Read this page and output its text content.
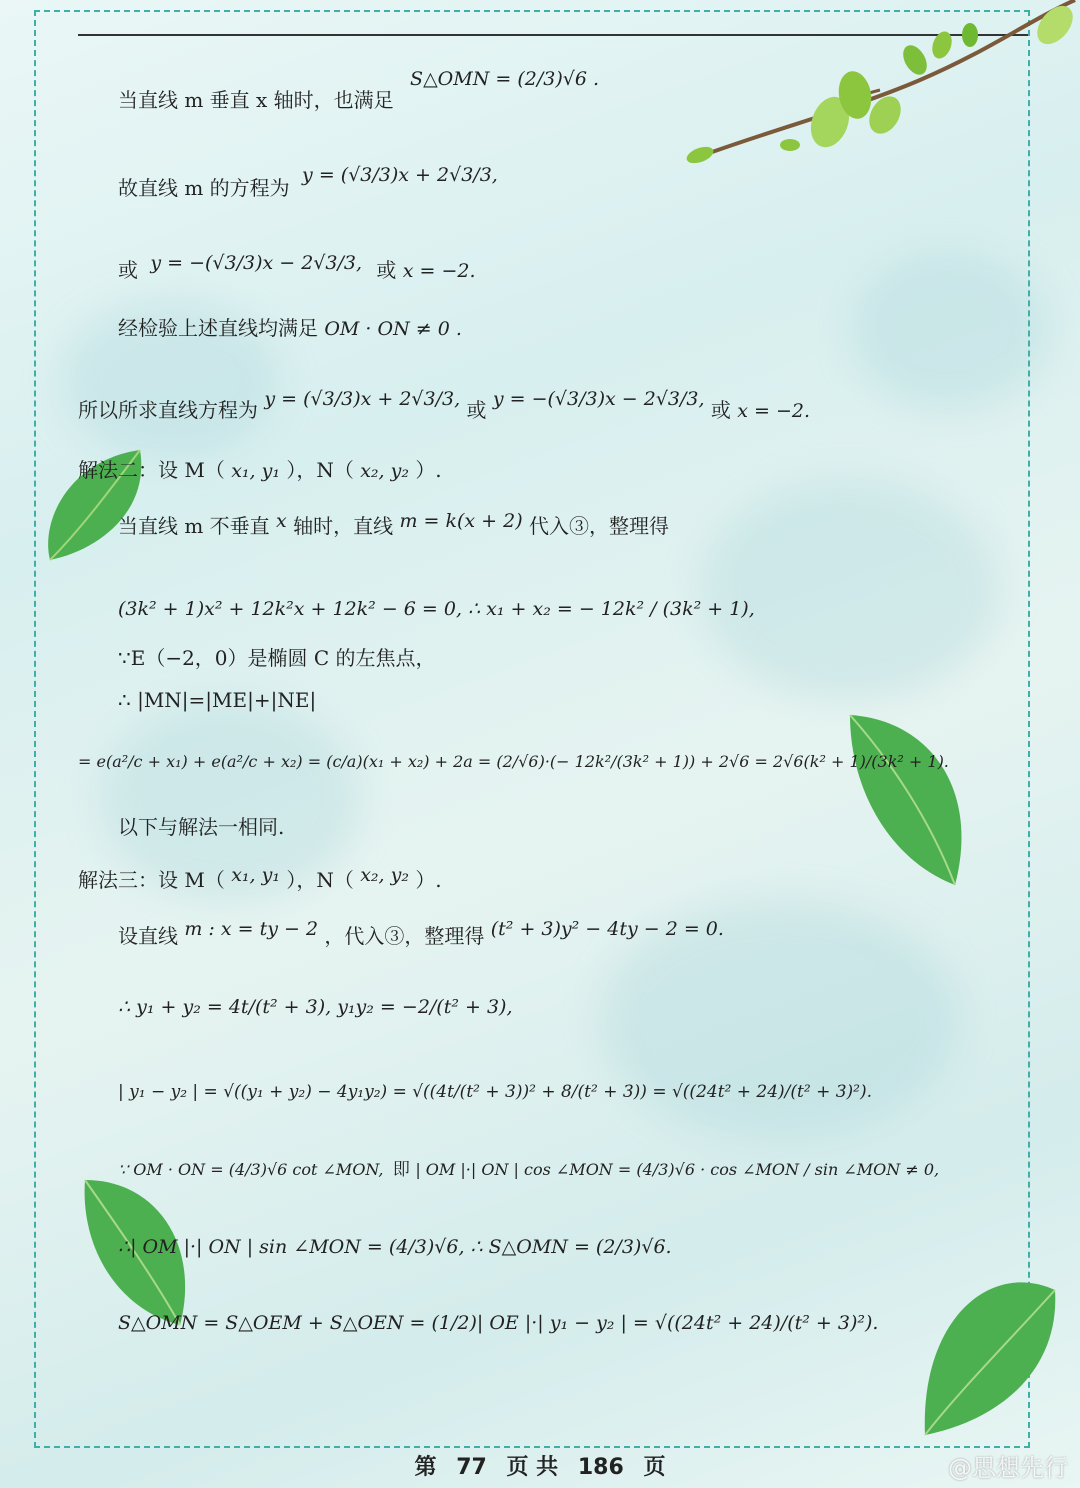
当直线 m 垂直 x 轴时，也满足 S△OMN = (2/3)√6 .
故直线 m 的方程为 y = (√3/3)x + 2√3/3,
或 y = −(√3/3)x − 2√3/3, 或 x = −2.
经检验上述直线均满足 OM · ON ≠ 0 .
所以所求直线方程为 y = (√3/3)x + 2√3/3, 或 y = −(√3/3)x − 2√3/3, 或 x = −2.
解法二：设 M（ x₁, y₁ ），N（ x₂, y₂ ）.
当直线 m 不垂直 x 轴时，直线 m = k(x + 2) 代入③，整理得
(3k² + 1)x² + 12k²x + 12k² − 6 = 0, ∴ x₁ + x₂ = − 12k² / (3k² + 1),
∵E（−2，0）是椭圆 C 的左焦点，
∴ |MN|=|ME|+|NE|
= e(a²/c + x₁) + e(a²/c + x₂) = (c/a)(x₁ + x₂) + 2a = (2/√6)·(− 12k²/(3k² + 1)) + 2√6 = 2√6(k² + 1)/(3k² + 1).
以下与解法一相同.
解法三：设 M（ x₁, y₁ ），N（ x₂, y₂ ）.
设直线 m : x = ty − 2 ，代入③，整理得 (t² + 3)y² − 4ty − 2 = 0.
∴ y₁ + y₂ = 4t/(t² + 3), y₁y₂ = −2/(t² + 3),
| y₁ − y₂ | = √((y₁ + y₂) − 4y₁y₂) = √((4t/(t² + 3))² + 8/(t² + 3)) = √((24t² + 24)/(t² + 3)²).
∵ OM · ON = (4/3)√6 cot ∠MON, 即 | OM |·| ON | cos ∠MON = (4/3)√6 · cos ∠MON / sin ∠MON ≠ 0,
∴| OM |·| ON | sin ∠MON = (4/3)√6, ∴ S△OMN = (2/3)√6.
S△OMN = S△OEM + S△OEN = (1/2)| OE |·| y₁ − y₂ | = √((24t² + 24)/(t² + 3)²).
第 77 页 共 186 页	@思想先行
